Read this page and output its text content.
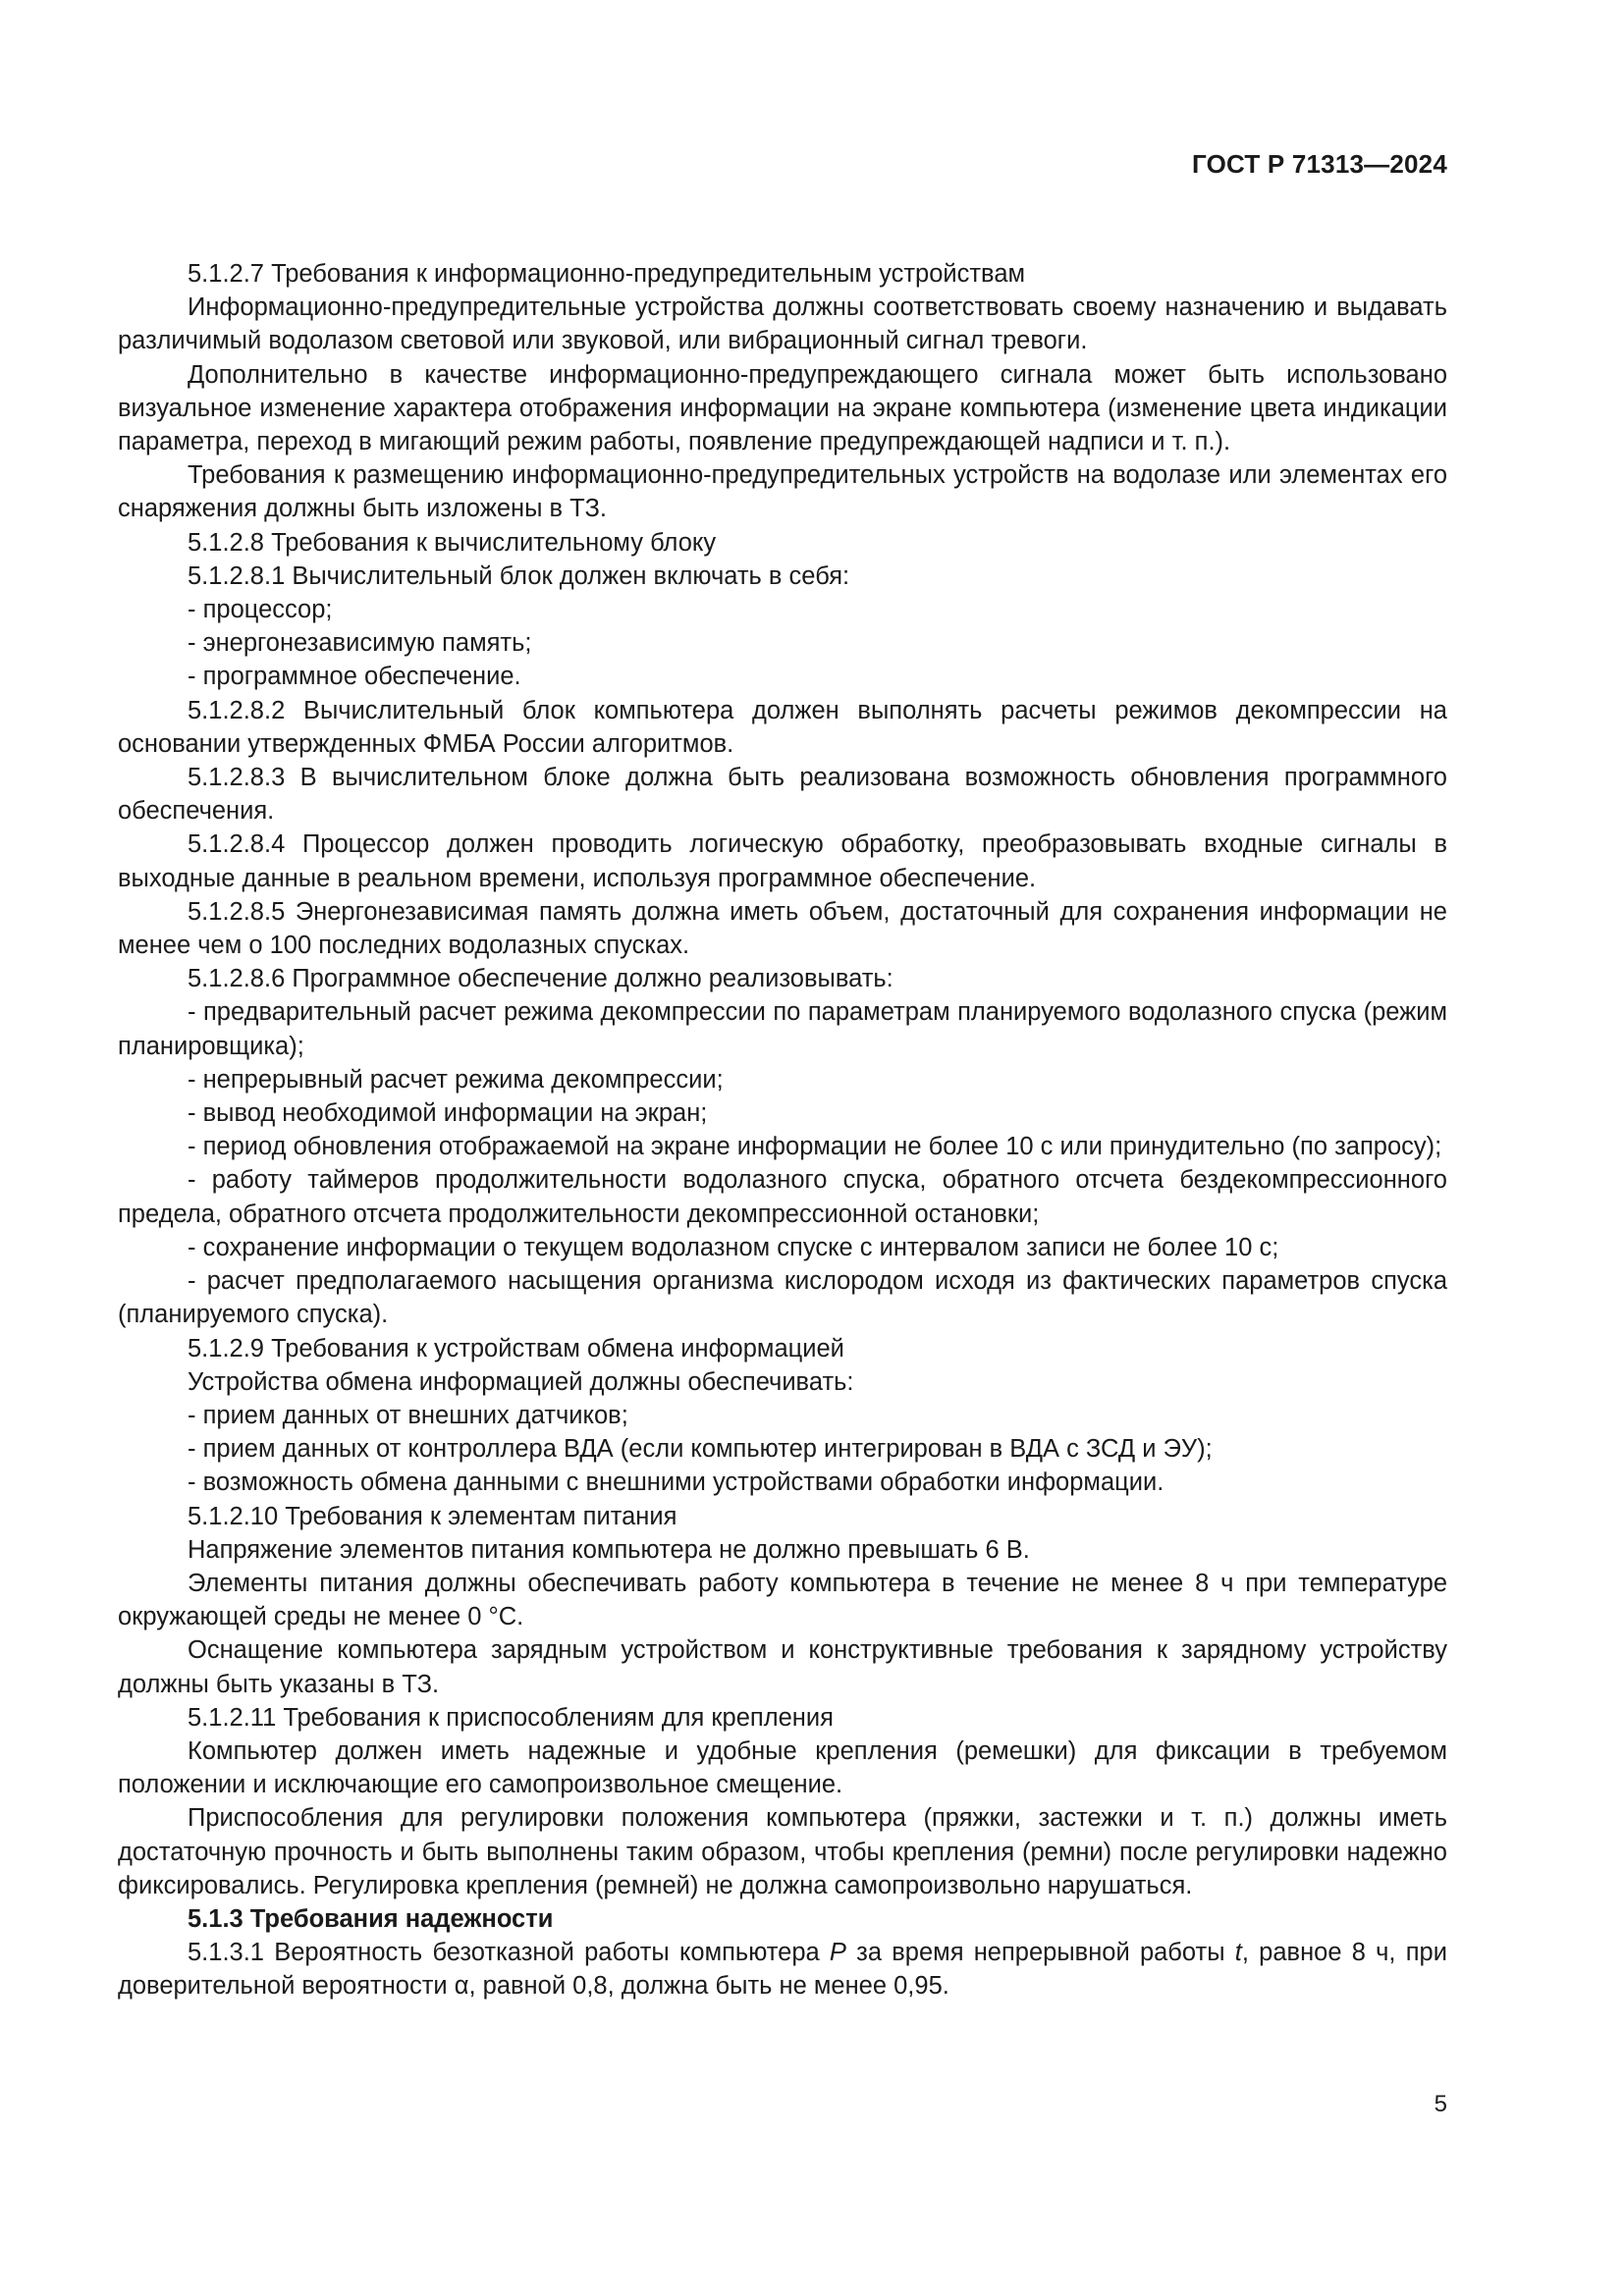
ГОСТ Р 71313—2024

5.1.2.7 Требования к информационно-предупредительным устройствам

Информационно-предупредительные устройства должны соответствовать своему назначению и выдавать различимый водолазом световой или звуковой, или вибрационный сигнал тревоги.

Дополнительно в качестве информационно-предупреждающего сигнала может быть использовано визуальное изменение характера отображения информации на экране компьютера (изменение цвета индикации параметра, переход в мигающий режим работы, появление предупреждающей надписи и т. п.).

Требования к размещению информационно-предупредительных устройств на водолазе или элементах его снаряжения должны быть изложены в ТЗ.

5.1.2.8 Требования к вычислительному блоку

5.1.2.8.1 Вычислительный блок должен включать в себя:

- процессор;

- энергонезависимую память;

- программное обеспечение.

5.1.2.8.2 Вычислительный блок компьютера должен выполнять расчеты режимов декомпрессии на основании утвержденных ФМБА России алгоритмов.

5.1.2.8.3 В вычислительном блоке должна быть реализована возможность обновления программного обеспечения.

5.1.2.8.4 Процессор должен проводить логическую обработку, преобразовывать входные сигналы в выходные данные в реальном времени, используя программное обеспечение.

5.1.2.8.5 Энергонезависимая память должна иметь объем, достаточный для сохранения информации не менее чем о 100 последних водолазных спусках.

5.1.2.8.6 Программное обеспечение должно реализовывать:

- предварительный расчет режима декомпрессии по параметрам планируемого водолазного спуска (режим планировщика);

- непрерывный расчет режима декомпрессии;

- вывод необходимой информации на экран;

- период обновления отображаемой на экране информации не более 10 с или принудительно (по запросу);

- работу таймеров продолжительности водолазного спуска, обратного отсчета бездекомпрессионного предела, обратного отсчета продолжительности декомпрессионной остановки;

- сохранение информации о текущем водолазном спуске с интервалом записи не более 10 с;

- расчет предполагаемого насыщения организма кислородом исходя из фактических параметров спуска (планируемого спуска).

5.1.2.9 Требования к устройствам обмена информацией

Устройства обмена информацией должны обеспечивать:

- прием данных от внешних датчиков;

- прием данных от контроллера ВДА (если компьютер интегрирован в ВДА с ЗСД и ЭУ);

- возможность обмена данными с внешними устройствами обработки информации.

5.1.2.10 Требования к элементам питания

Напряжение элементов питания компьютера не должно превышать 6 В.

Элементы питания должны обеспечивать работу компьютера в течение не менее 8 ч при температуре окружающей среды не менее 0 °С.

Оснащение компьютера зарядным устройством и конструктивные требования к зарядному устройству должны быть указаны в ТЗ.

5.1.2.11 Требования к приспособлениям для крепления

Компьютер должен иметь надежные и удобные крепления (ремешки) для фиксации в требуемом положении и исключающие его самопроизвольное смещение.

Приспособления для регулировки положения компьютера (пряжки, застежки и т. п.) должны иметь достаточную прочность и быть выполнены таким образом, чтобы крепления (ремни) после регулировки надежно фиксировались. Регулировка крепления (ремней) не должна самопроизвольно нарушаться.

5.1.3 Требования надежности

5.1.3.1 Вероятность безотказной работы компьютера P за время непрерывной работы t, равное 8 ч, при доверительной вероятности α, равной 0,8, должна быть не менее 0,95.

5
